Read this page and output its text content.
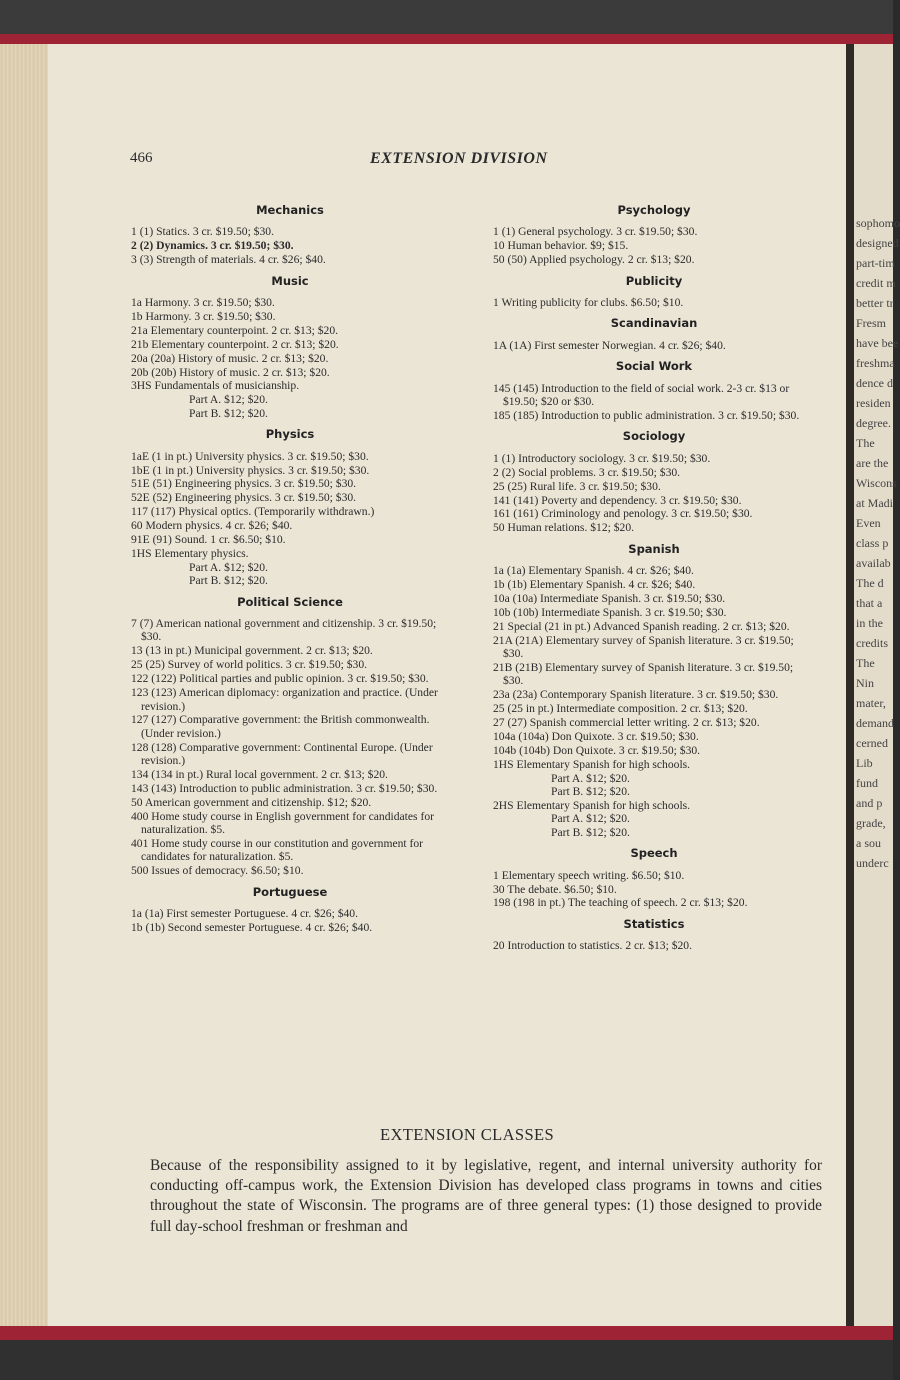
sophomo
designed
part-tim
credit m
better tr
Fresm
have bee
freshma
dence d
residen
degree.
The
are the
Wiscons
at Madi
Even
class p
availab
The d
that a
in the
credits
The
Nin
mater,
demand
cerned
Lib
fund
and p
grade,
a sou
underc
466	EXTENSION DIVISION
Mechanics
1 (1) Statics. 3 cr. $19.50; $30.
2 (2) Dynamics. 3 cr. $19.50; $30.
3 (3) Strength of materials. 4 cr. $26; $40.
Music
1a Harmony. 3 cr. $19.50; $30.
1b Harmony. 3 cr. $19.50; $30.
21a Elementary counterpoint. 2 cr. $13; $20.
21b Elementary counterpoint. 2 cr. $13; $20.
20a (20a) History of music. 2 cr. $13; $20.
20b (20b) History of music. 2 cr. $13; $20.
3HS Fundamentals of musicianship.
Part A. $12; $20.
Part B. $12; $20.
Physics
1aE (1 in pt.) University physics. 3 cr. $19.50; $30.
1bE (1 in pt.) University physics. 3 cr. $19.50; $30.
51E (51) Engineering physics. 3 cr. $19.50; $30.
52E (52) Engineering physics. 3 cr. $19.50; $30.
117 (117) Physical optics. (Temporarily withdrawn.)
60 Modern physics. 4 cr. $26; $40.
91E (91) Sound. 1 cr. $6.50; $10.
1HS Elementary physics.
Part A. $12; $20.
Part B. $12; $20.
Political Science
7 (7) American national government and citizenship. 3 cr. $19.50; $30.
13 (13 in pt.) Municipal government. 2 cr. $13; $20.
25 (25) Survey of world politics. 3 cr. $19.50; $30.
122 (122) Political parties and public opinion. 3 cr. $19.50; $30.
123 (123) American diplomacy: organization and practice. (Under revision.)
127 (127) Comparative government: the British commonwealth. (Under revision.)
128 (128) Comparative government: Continental Europe. (Under revision.)
134 (134 in pt.) Rural local government. 2 cr. $13; $20.
143 (143) Introduction to public administration. 3 cr. $19.50; $30.
50 American government and citizenship. $12; $20.
400 Home study course in English government for candidates for naturalization. $5.
401 Home study course in our constitution and government for candidates for naturalization. $5.
500 Issues of democracy. $6.50; $10.
Portuguese
1a (1a) First semester Portuguese. 4 cr. $26; $40.
1b (1b) Second semester Portuguese. 4 cr. $26; $40.
Psychology
1 (1) General psychology. 3 cr. $19.50; $30.
10 Human behavior. $9; $15.
50 (50) Applied psychology. 2 cr. $13; $20.
Publicity
1 Writing publicity for clubs. $6.50; $10.
Scandinavian
1A (1A) First semester Norwegian. 4 cr. $26; $40.
Social Work
145 (145) Introduction to the field of social work. 2-3 cr. $13 or $19.50; $20 or $30.
185 (185) Introduction to public administration. 3 cr. $19.50; $30.
Sociology
1 (1) Introductory sociology. 3 cr. $19.50; $30.
2 (2) Social problems. 3 cr. $19.50; $30.
25 (25) Rural life. 3 cr. $19.50; $30.
141 (141) Poverty and dependency. 3 cr. $19.50; $30.
161 (161) Criminology and penology. 3 cr. $19.50; $30.
50 Human relations. $12; $20.
Spanish
1a (1a) Elementary Spanish. 4 cr. $26; $40.
1b (1b) Elementary Spanish. 4 cr. $26; $40.
10a (10a) Intermediate Spanish. 3 cr. $19.50; $30.
10b (10b) Intermediate Spanish. 3 cr. $19.50; $30.
21 Special (21 in pt.) Advanced Spanish reading. 2 cr. $13; $20.
21A (21A) Elementary survey of Spanish literature. 3 cr. $19.50; $30.
21B (21B) Elementary survey of Spanish literature. 3 cr. $19.50; $30.
23a (23a) Contemporary Spanish literature. 3 cr. $19.50; $30.
25 (25 in pt.) Intermediate composition. 2 cr. $13; $20.
27 (27) Spanish commercial letter writing. 2 cr. $13; $20.
104a (104a) Don Quixote. 3 cr. $19.50; $30.
104b (104b) Don Quixote. 3 cr. $19.50; $30.
1HS Elementary Spanish for high schools.
Part A. $12; $20.
Part B. $12; $20.
2HS Elementary Spanish for high schools.
Part A. $12; $20.
Part B. $12; $20.
Speech
1 Elementary speech writing. $6.50; $10.
30 The debate. $6.50; $10.
198 (198 in pt.) The teaching of speech. 2 cr. $13; $20.
Statistics
20 Introduction to statistics. 2 cr. $13; $20.
EXTENSION CLASSES
Because of the responsibility assigned to it by legislative, regent, and internal university authority for conducting off-campus work, the Extension Division has developed class programs in towns and cities throughout the state of Wisconsin. The programs are of three general types: (1) those designed to provide full day-school freshman or freshman and
